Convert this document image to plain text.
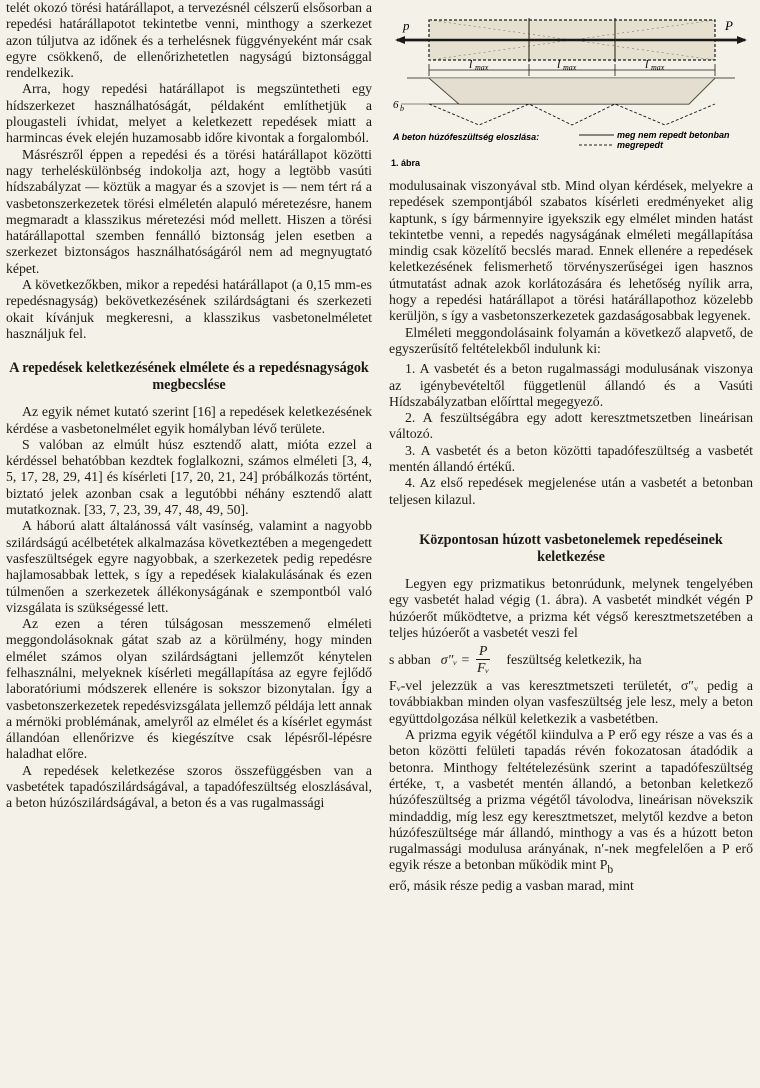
telét okozó törési határállapot, a tervezésnél célszerű elsősorban a repedési határállapotot tekintetbe venni, minthogy a szerkezet azon túljutva az időnek és a terhelésnek függvényeként már csak egyre csökkenő, de ellenőrizhetetlen nagyságú biztonsággal rendelkezik.

Arra, hogy repedési határállapot is megszüntetheti egy hídszerkezet használhatóságát, példaként említhetjük a plougasteli ívhidat, melyet a keletkezett repedések miatt a harmincas évek elején huzamosabb időre kivontak a forgalomból.

Másrészről éppen a repedési és a törési határállapot közötti nagy terheléskülönbség indokolja azt, hogy a legtöbb vasúti hídszabályzat — köztük a magyar és a szovjet is — nem tért rá a vasbetonszerkezetek törési elméletén alapuló méretezésre, hanem megmaradt a klasszikus méretezési mód mellett. Hiszen a törési határállapottal szemben fennálló biztonság jelen esetben a szerkezet biztonságos használhatóságáról nem ad megnyugtató képet.

A következőkben, mikor a repedési határállapot (a 0,15 mm-es repedésnagyság) bekövetkezésének szilárdságtani és szerkezeti okait kívánjuk megkeresni, a klasszikus vasbetonelméletet használjuk fel.

A repedések keletkezésének elmélete és a repedésnagyságok megbecslése

Az egyik német kutató szerint [16] a repedések keletkezésének kérdése a vasbetonelmélet egyik homályban lévő területe.

S valóban az elmúlt húsz esztendő alatt, mióta ezzel a kérdéssel behatóbban kezdtek foglalkozni, számos elméleti [3, 4, 5, 17, 28, 29, 41] és kísérleti [17, 20, 21, 24] próbálkozás történt, biztató jelek azonban csak a legutóbbi néhány esztendő alatt mutatkoznak. [33, 7, 23, 39, 47, 48, 49, 50].

A háború alatt általánossá vált vasínség, valamint a nagyobb szilárdságú acélbetétek alkalmazása következtében a megengedett vasfeszültségek egyre nagyobbak, a szerkezetek pedig repedésre hajlamosabbak lettek, s így a repedések kialakulásának és ezen túlmenően a szerkezetek állékonyságának e szempontból való vizsgálata is szükségessé lett.

Az ezen a téren túlságosan messzemenő elméleti meggondolásoknak gátat szab az a körülmény, hogy minden elmélet számos olyan szilárdságtani jellemzőt kénytelen felhasználni, melyeknek kísérleti megállapítása az egyre fejlődő laboratóriumi módszerek ellenére is sokszor bizonytalan. Így a vasbetonszerkezetek repedésvizsgálata jellemző példája lett annak a mérnöki problémának, amelyről az elmélet és a kísérlet egymást állandóan ellenőrizve és kiegészítve csak lépésről-lépésre haladhat előre.

A repedések keletkezése szoros összefüggésben van a vasbetétek tapadószilárdságával, a tapadófeszültség eloszlásával, a beton húzószilárdságával, a beton és a vas rugalmassági

p	P
l max	l max	l max
6 b
A beton húzófeszültség eloszlása:	meg nem repedt betonban
megrepedt
1. ábra

modulusainak viszonyával stb. Mind olyan kérdések, melyekre a repedések szempontjából szabatos kísérleti eredményeket alig kaptunk, s így bármennyire igyekszik egy elmélet minden hatást tekintetbe venni, a repedés nagyságának elméleti megállapítása mindig csak közelítő becslés marad. Ennek ellenére a repedések keletkezésének felismerhető törvényszerűségei igen hasznos útmutatást adnak azok korlátozására és lehetőség nyílik arra, hogy a repedési határállapot a törési határállapothoz közelebb kerüljön, s így a vasbetonszerkezetek gazdaságosabbak legyenek.

Elméleti meggondolásaink folyamán a következő alapvető, de egyszerűsítő feltételekből indulunk ki:

1. A vasbetét és a beton rugalmassági modulusának viszonya az igénybevételtől függetlenül állandó és a Vasúti Hídszabályzatban előírttal megegyező.

2. A feszültségábra egy adott keresztmetszetben lineárisan változó.

3. A vasbetét és a beton közötti tapadófeszültség a vasbetét mentén állandó értékű.

4. Az első repedések megjelenése után a vasbetét a betonban teljesen kilazul.

Központosan húzott vasbetonelemek repedéseinek keletkezése

Legyen egy prizmatikus betonrúdunk, melynek tengelyében egy vasbetét halad végig (1. ábra). A vasbetét mindkét végén P húzóerőt működtetve, a prizma két végső keresztmetszetében a teljes húzóerőt a vasbetét veszi fel

s abban σ″ᵥ = $\frac{P}{\text{Fᵥ}}$ feszültség keletkezik, ha

Fᵥ-vel jelezzük a vas keresztmetszeti területét, σ″ᵥ pedig a továbbiakban minden olyan vasfeszültség jele lesz, mely a beton együttdolgozása nélkül keletkezik a vasbetétben.

A prizma egyik végétől kiindulva a P erő egy része a vas és a beton közötti felületi tapadás révén fokozatosan átadódik a betonra. Minthogy feltételezésünk szerint a tapadófeszültség értéke, τ, a vasbetét mentén állandó, a betonban keletkező húzófeszültség a prizma végétől távolodva, lineárisan növekszik mindaddig, míg lesz egy keresztmetszet, melytől kezdve a beton húzófeszültsége már állandó, minthogy a vas és a húzott beton rugalmassági modulusa arányának, n′-nek megfelelően a P erő egyik része a betonban működik mint $P_b$

erő, másik része pedig a vasban marad, mint
